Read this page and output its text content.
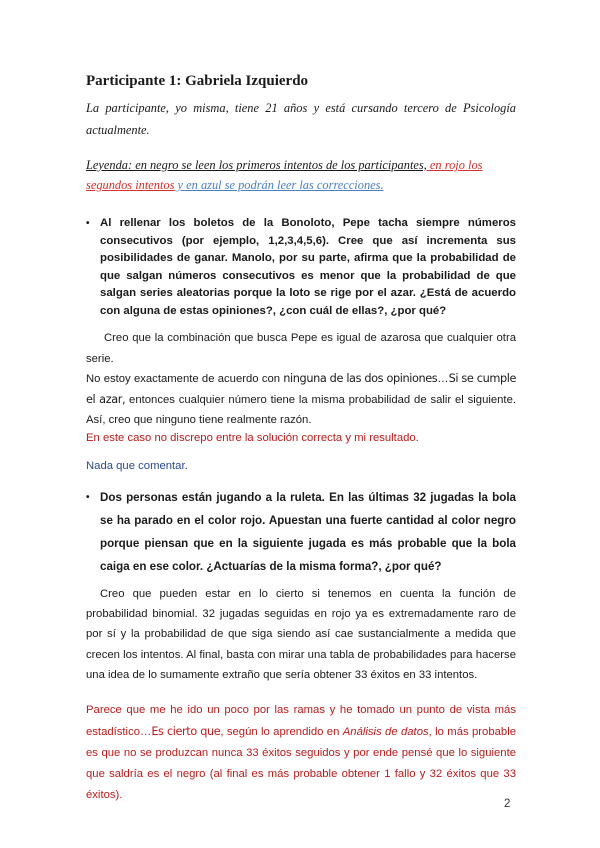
Participante 1: Gabriela Izquierdo

La participante, yo misma, tiene 21 años y está cursando tercero de Psicología actualmente.

Leyenda: en negro se leen los primeros intentos de los participantes, en rojo los segundos intentos y en azul se podrán leer las correcciones.

• Al rellenar los boletos de la Bonoloto, Pepe tacha siempre números consecutivos (por ejemplo, 1,2,3,4,5,6). Cree que así incrementa sus posibilidades de ganar. Manolo, por su parte, afirma que la probabilidad de que salgan números consecutivos es menor que la probabilidad de que salgan series aleatorias porque la loto se rige por el azar. ¿Está de acuerdo con alguna de estas opiniones?, ¿con cuál de ellas?, ¿por qué?
Creo que la combinación que busca Pepe es igual de azarosa que cualquier otra serie.
No estoy exactamente de acuerdo con ninguna de las dos opiniones…Si se cumple el azar, entonces cualquier número tiene la misma probabilidad de salir el siguiente. Así, creo que ninguno tiene realmente razón.

En este caso no discrepo entre la solución correcta y mi resultado.

Nada que comentar.

• Dos personas están jugando a la ruleta. En las últimas 32 jugadas la bola se ha parado en el color rojo. Apuestan una fuerte cantidad al color negro porque piensan que en la siguiente jugada es más probable que la bola caiga en ese color. ¿Actuarías de la misma forma?, ¿por qué?

Creo que pueden estar en lo cierto si tenemos en cuenta la función de probabilidad binomial. 32 jugadas seguidas en rojo ya es extremadamente raro de por sí y la probabilidad de que siga siendo así cae sustancialmente a medida que crecen los intentos. Al final, basta con mirar una tabla de probabilidades para hacerse una idea de lo sumamente extraño que sería obtener 33 éxitos en 33 intentos.

Parece que me he ido un poco por las ramas y he tomado un punto de vista más estadístico…Es cierto que, según lo aprendido en Análisis de datos, lo más probable es que no se produzcan nunca 33 éxitos seguidos y por ende pensé que lo siguiente que saldría es el negro (al final es más probable obtener 1 fallo y 32 éxitos que 33 éxitos).

2
